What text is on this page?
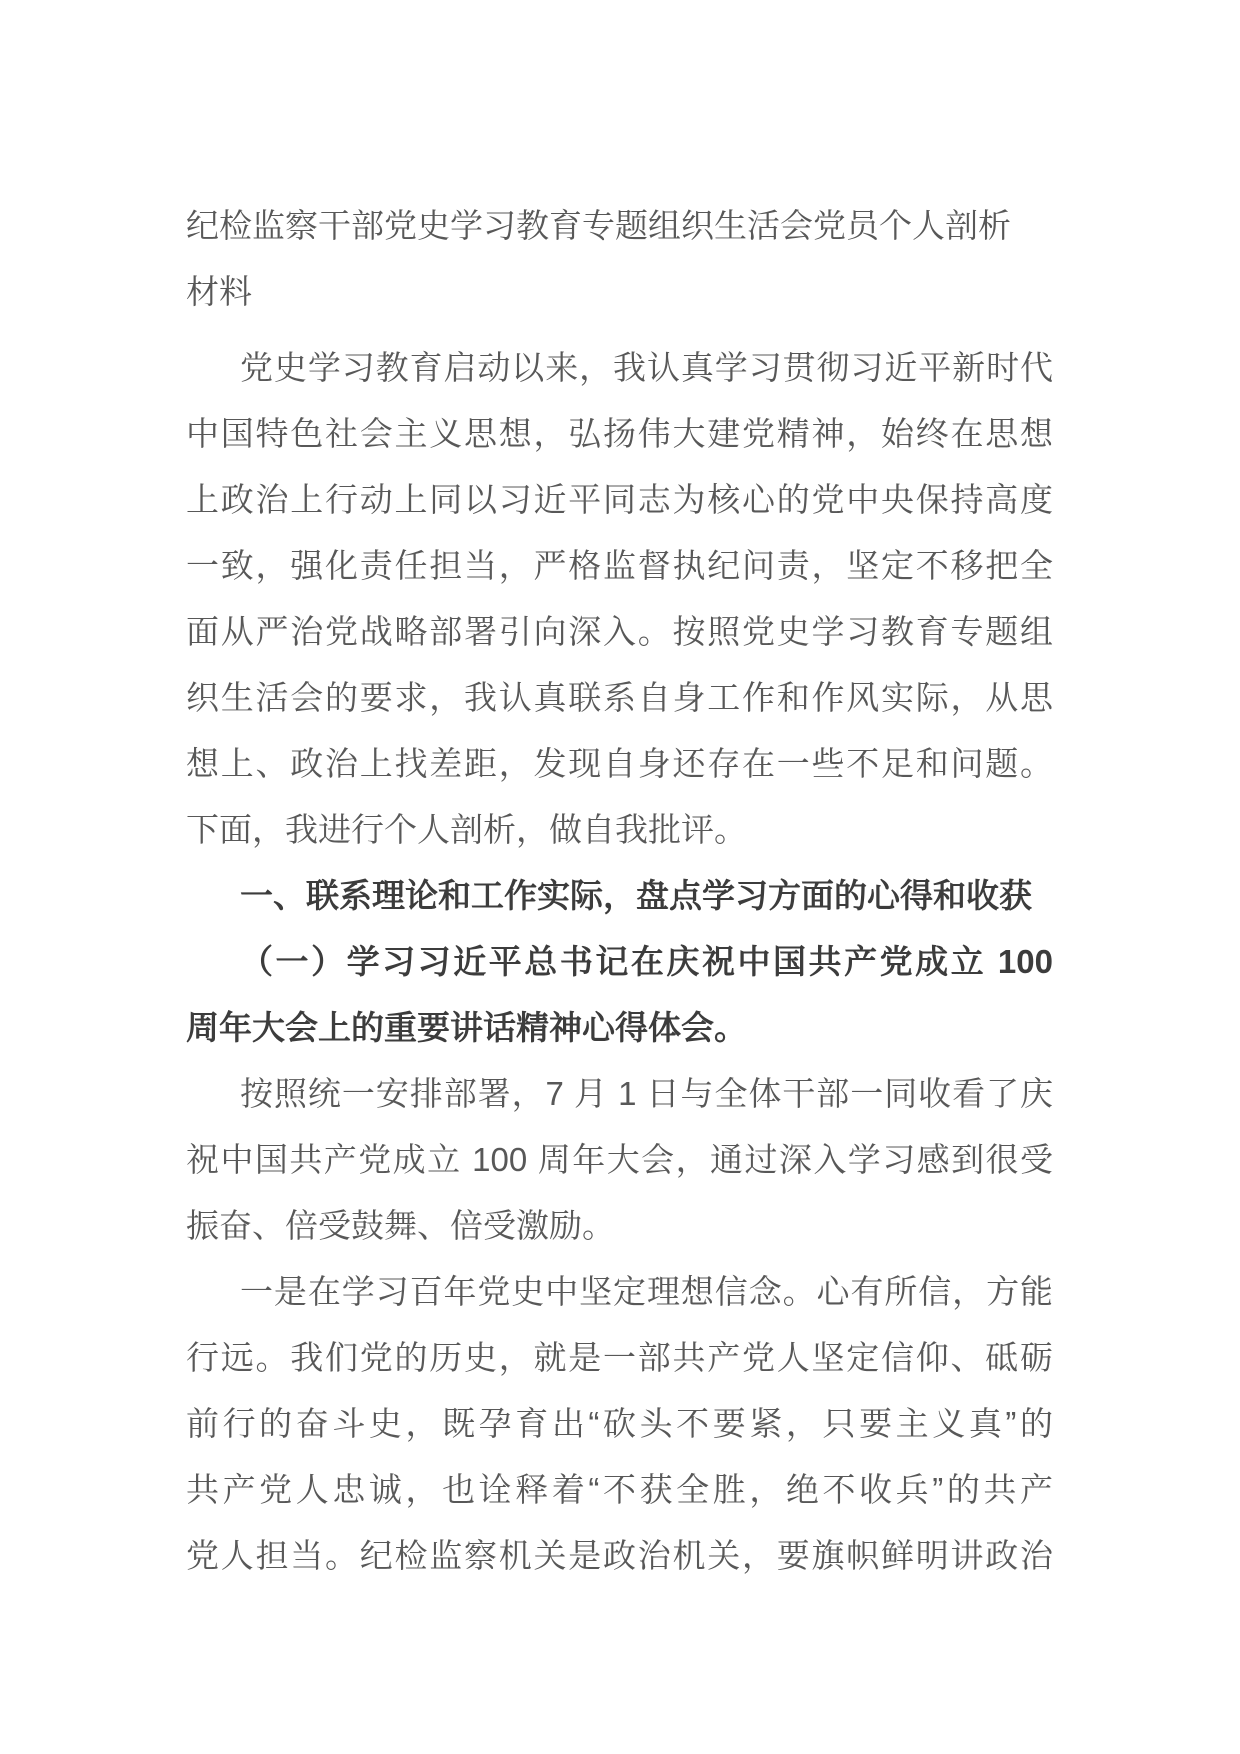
纪检监察干部党史学习教育专题组织生活会党员个人剖析
材料
党史学习教育启动以来，我认真学习贯彻习近平新时代
中国特色社会主义思想，弘扬伟大建党精神，始终在思想
上政治上行动上同以习近平同志为核心的党中央保持高度
一致，强化责任担当，严格监督执纪问责，坚定不移把全
面从严治党战略部署引向深入。按照党史学习教育专题组
织生活会的要求，我认真联系自身工作和作风实际，从思
想上、政治上找差距，发现自身还存在一些不足和问题。
下面，我进行个人剖析，做自我批评。
一、联系理论和工作实际，盘点学习方面的心得和收获
（一）学习习近平总书记在庆祝中国共产党成立 100
周年大会上的重要讲话精神心得体会。
按照统一安排部署，7 月 1 日与全体干部一同收看了庆
祝中国共产党成立 100 周年大会，通过深入学习感到很受
振奋、倍受鼓舞、倍受激励。
一是在学习百年党史中坚定理想信念。心有所信，方能
行远。我们党的历史，就是一部共产党人坚定信仰、砥砺
前行的奋斗史，既孕育出“砍头不要紧，只要主义真”的
共产党人忠诚，也诠释着“不获全胜，绝不收兵”的共产
党人担当。纪检监察机关是政治机关，要旗帜鲜明讲政治
